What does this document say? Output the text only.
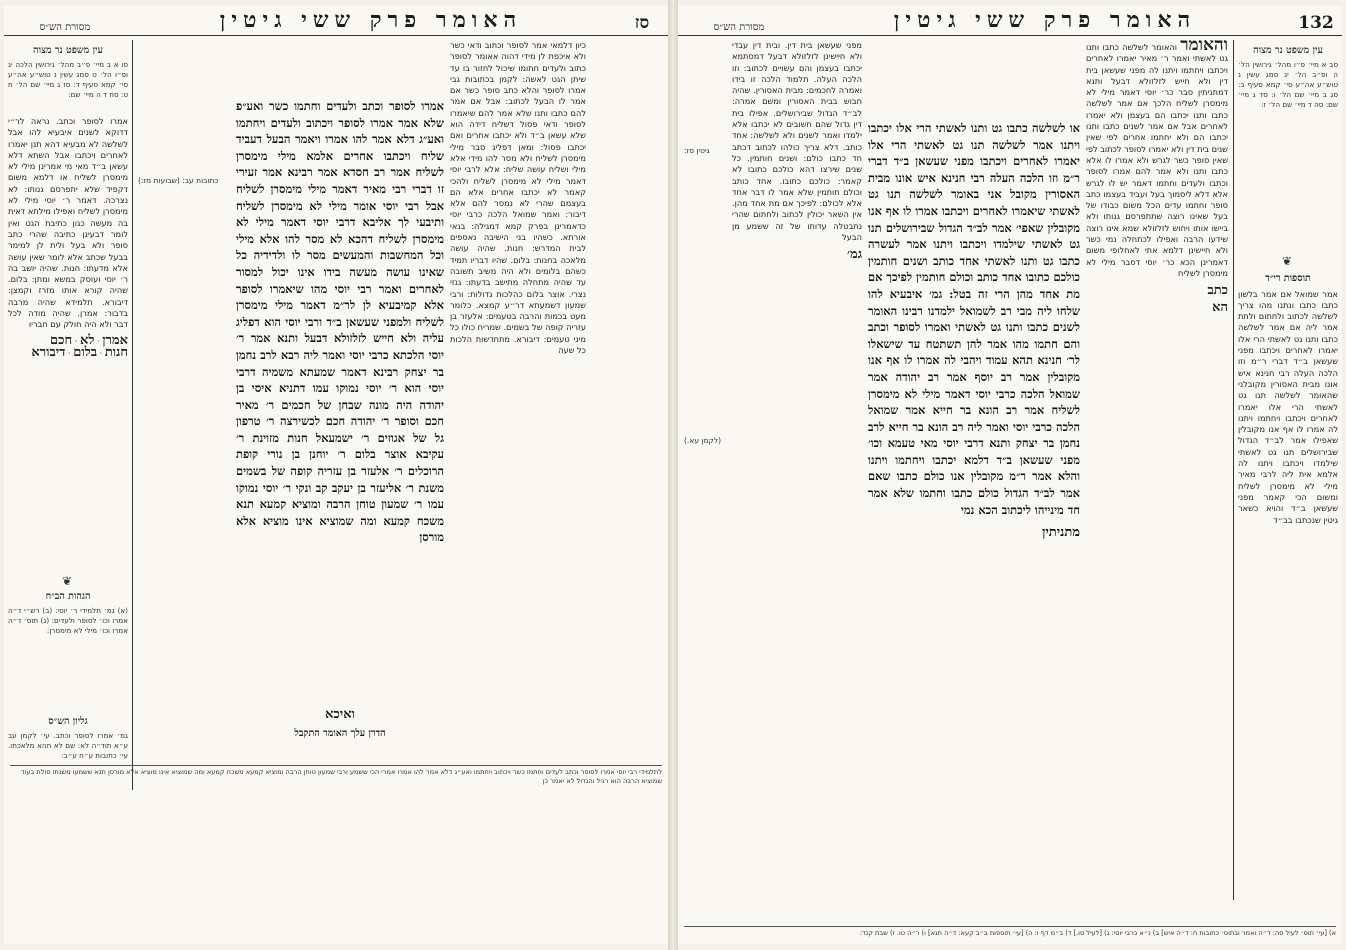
132
האומר פרק ששי גיטין
מסורת הש״ס
עין משפט נר מצוה

סב א מיי׳ פ״ו מהל׳ גירושין הל׳ ה ופ״ב הל׳ יג סמג עשין נ טוש״ע אה״ע סי׳ קמא סעיף ב: סג ב מיי׳ שם הל׳ ו: סד ג מיי׳ שם: סה ד מיי׳ שם הל׳ ז:

❦
תוספות רי״ד

אמר שמואל אם אמר בלשון כתבו כתבו ונתנו מהו צריך לשלשה לכתוב ולחתום ולתת אמר ליה אם אמר לשלשה כתבו ותנו גט לאשתי הרי אלו יאמרו לאחרים ויכתבו מפני שעשאן ב״ד דברי ר״מ וזו הלכה העלה רבי חנינא איש אונו מבית האסורין מקובלני שהאומר לשלשה תנו גט לאשתי הרי אלו יאמרו לאחרים ויכתבו ויחתמו ויתנו לה אמרו לו אף אנו מקובלין שאפילו אמר לב״ד הגדול שבירושלים תנו גט לאשתי שילמדו ויכתבו ויתנו לה אלמא אית ליה לרבי מאיר מילי לא מימסרן לשליח ומשום הכי קאמר מפני שעשאן ב״ד והויא כשאר גיטין שנכתבו בב״ד

והאומר והאומר לשלשה כתבו ותנו גט לאשתי ואמר ר׳ מאיר יאמרו לאחרים ויכתבו ויחתמו ויתנו לה מפני שעשאן בית דין ולא חייש לזלזולא דבעל ותנא דמתניתין סבר כר׳ יוסי דאמר מילי לא מימסרן לשליח הלכך אם אמר לשלשה כתבו ותנו יכתבו הם בעצמן ולא יאמרו לאחרים אבל אם אמר לשנים כתבו ותנו יכתבו הם ולא יחתמו אחרים לפי שאין שנים בית דין ולא יאמרו לסופר לכתוב לפי שאין סופר כשר לגרש ולא אמרו לו אלא כתבו ותנו ולא אמר להם אמרו לסופר וכתבו ולעדים וחתמו דאמר יש לו לגרש אלא דלא ליסמוך בעל ועביד בעצמו כתב סופר וחתמו עדים הכל משום כבודו של בעל שאינו רוצה שתתפרסם גנותו ולא ביישו אותו ויחוש לזלזולא שמא אינו רוצה שידעו הרבה ואפילו לכתחלה נמי כשר ולא חיישינן דלמא אתי לאחלופי משום דאמרינן הכא כר׳ יוסי דסבר מילי לא מימסרן לשליח

כתב

הא

או לשלשה כתבו גט ותנו לאשתי הרי אלו יכתבו ויתנו אמר לשלשה תנו גט לאשתי הרי אלו יאמרו לאחרים ויכתבו מפני שעשאן ב״ד דברי ר״מ וזו הלכה העלה רבי חנינא איש אונו מבית האסורין מקובל אני באומר לשלשה תנו גט לאשתי שיאמרו לאחרים ויכתבו אמרו לו אף אנו מקובלין שאפי׳ אמר לב״ד הגדול שבירושלים תנו גט לאשתי שילמדו ויכתבו ויתנו אמר לעשרה כתבו גט ותנו לאשתי אחד כותב ושנים חותמין כולכם כתובו אחד כותב וכולם חותמין לפיכך אם מת אחד מהן הרי זה בטל: גמ׳ איבעיא להו שלחו ליה מבי רב לשמואל ילמדנו רבינו האומר לשנים כתבו ותנו גט לאשתי ואמרו לסופר וכתב והם חתמו מהו אמר להן תשתטח עד שישאלו לר׳ חנינא תהא עמוד ויהבי לה אמרו לו אף אנו מקובלין אמר רב יוסף אמר רב יהודה אמר שמואל הלכה כרבי יוסי דאמר מילי לא מימסרן לשליח אמר רב הונא בר חייא אמר שמואל הלכה כרבי יוסי ואמר ליה רב הונא בר חייא לרב נחמן בר יצחק ותנא דרבי יוסי מאי טעמא וכו׳ מפני שעשאן ב״ד דלמא יכתבו ויחתמו ויתנו והלא אמר ר״מ מקובלין אנו כולם כתבו שאם אמר לב״ד הגדול כולם כתבו וחתמו שלא אמר חד מינייהו ליכתוב הכא נמי

מתניתין

מפני שעשאן בית דין. ובית דין עבדי ולא חיישינן לזלזולא דבעל דמסתמא יכתבו בעצמן והם עשויים לכתוב: וזו הלכה העלה. תלמוד הלכה זו בידו ואמרה לחכמים: מבית האסורין. שהיה חבוש בבית האסורין ומשם אמרה: לב״ד הגדול שבירושלים. אפילו בית דין גדול שהם חשובים לא יכתבו אלא ילמדו ואמר לשנים ולא לשלשה: אחד כותב. דלא צריך כולהו לכתוב דכתב חד כתבו כולם: ושנים חותמין. כל שנים שירצו דהא כולכם כתובו לא קאמר: כולכם כתובו. אחד כותב וכולם חותמין שלא אמר לו דבר אחד אלא לכולם: לפיכך אם מת אחד מהן. אין השאר יכולין לכתוב ולחתום שהרי נתבטלה עדותו של זה ששמע מן הבעל

גמ׳

גיטין סז:
(לקמן עא.)
א) [עי׳ תוס׳ לעיל סה: ד״ה ואמר ובתוס׳ כתובות ח: ד״ה איש] ב) נ״א כרבי יוסי: ג) [לעיל סו.] ד) ב״מ דף ו: ה) [עי׳ תוספות ב״ב קעא: ד״ה תנא] ו) ר״ה טו. ז) שבת קנד:
סז
האומר פרק ששי גיטין
מסורת הש״ס
עין משפט נר מצוה

סו א ב מיי׳ פ״ב מהל׳ גירושין הלכה יג ופ״ו הל׳ ט סמג עשין נ טוש״ע אה״ע סי׳ קמא סעיף ד: סז ג מיי׳ שם הל׳ ח ט: סח ד ה מיי׳ שם:

אמרו לסופר וכתב. נראה לר״י דדוקא לשנים איבעיא להו אבל לשלשה לא מבעיא דהא תנן יאמרו לאחרים ויכתבו אבל השתא דלא עשאן ב״ד מאי מי אמרינן מילי לא מימסרן לשליח או דלמא משום דקפיד שלא יתפרסם גנותו: לא נצרכה. דאמר ר׳ יוסי מילי לא מימסרן לשליח ואפילו מילתא דאית בה מעשה כגון כתיבת הגט ואין לומר דבעינן כתיבה שהרי כתב סופר ולא בעל ולית לן למימר בבעל שכתב אלא לומר שאין עושה אלא מדעתו: חנות. שהיה יושב בה ר׳ יוסי ועוסק במשא ומתן: בלום. שהיה קורא אותו מזרז וקמצן: דיבורא. תלמידא שהיה מרבה בדבור: אמרן. שהיה מודה לכל דבר ולא היה חולק עם חבריו

אמרן · לא · חכם

חנות · בלום · דיבורא

❦
הגהות הב״ח

(א) גמ׳ תלמידי ר׳ יוסי: (ב) רש״י ד״ה אמרו וכו׳ לסופר ולעדים: (ג) תוס׳ ד״ה אמרו וכו׳ מילי לא מימסרן:

גליון הש״ס

גמ׳ אמרו לסופר וכתב. עי׳ לקמן עב ע״א תוד״ה לא: שם לא תהא מלאכתו. עי׳ כתובות ע״ח ע״ב:

אמרו לסופר וכתב ולעדים וחתמו כשר ואע״פ שלא אמר אמרו לסופר ויכתוב ולעדים ויחתמו ואע״ג דלא אמר להו אמרו ויאמר הבעל דעביד שליח ויכתבו אחרים אלמא מילי מימסרן לשליח אמר רב חסדא אמר רבינא אמר זעירי זו דברי רבי מאיר דאמר מילי מימסרן לשליח אבל רבי יוסי אומר מילי לא מימסרן לשליח ותיבעי לך אליבא דרבי יוסי דאמר מילי לא מימסרן לשליח דהכא לא מסר להו אלא מילי וכל המחשבות והמעשים מסר לו ולדידיה כל שאינו עושה מעשה בידו אינו יכול למסור לאחרים ואמר רבי יוסי מהו שיאמרו לסופר אלא קמיבעיא לן לר״מ דאמר מילי מימסרן לשליח ולמפני שעשאן ב״ד ורבי יוסי הוא דפליג עליה ולא חייש לזלזולא דבעל ותנא אמר ר׳ יוסי הלכתא כרבי יוסי ואמר ליה רבא לרב נחמן בר יצחק רבינא דאמר שמעתא משמיה דרבי יוסי הוא ר׳ יוסי נמוקו עמו דתניא איסי בן יהודה היה מונה שבחן של חכמים ר׳ מאיר חכם וסופר ר׳ יהודה חכם לכשירצה ר׳ טרפון גל של אגוזים ר׳ ישמעאל חנות מזוינת ר׳ עקיבא אוצר בלום ר׳ יוחנן בן נורי קופת הרוכלים ר׳ אלעזר בן עזריה קופה של בשמים משנת ר׳ אליעזר בן יעקב קב ונקי ר׳ יוסי נמוקו עמו ר׳ שמעון טוחן הרבה ומוציא קמעא תנא משכח קמעא ומה שמוציא אינו מוציא אלא מורסן

ואיכא
הדרן עלך האומר התקבל

כיון דלמאי אמר לסופר וכתוב ודאי כשר ולא איכפת לן מידי דהוה אאומר לסופר כתוב ולעדים חתומו שיכול לחזור בו עד שיתן הגט לאשה: לקמן בכתובות גבי אמרו לסופר והלא כתב סופר כשר אם אמר לו הבעל לכתוב: אבל אם אמר להם כתבו ותנו שלא אמר להם שיאמרו לסופר ודאי פסול דשליח דידה הוא שלא עשאן ב״ד ולא יכתבו אחרים ואם יכתבו פסול: ומאן דפליג סבר מילי מימסרן לשליח ולא מסר להו מידי אלא מילי ושליח עושה שליח: אלא לרבי יוסי דאמר מילי לא מימסרן לשליח ולהכי קאמר לא יכתבו אחרים אלא הם בעצמם שהרי לא נמסר להם אלא דיבור: ואמר שמואל הלכה כרבי יוסי כדאמרינן בפרק קמא דמגילה: בנאי אורתא. כשהיו בני הישיבה נאספים לבית המדרש: חנות. שהיה עושה מלאכה בחנות: בלום. שהיו דבריו תמיד כשהם בלומים ולא היה משיב תשובה עד שהיה מתחלה מתישב בדעתו: גנזי נצרי. אוצר בלום כהלכות גדולות: ורבי שמעון דשמעתא דר״ע קמצא. כלומר מעט בכמות והרבה בטעמים: אלעזר בן עזריה קופה של בשמים. שמריח כולו כל מיני טעמים: דיבורא. מתחדשות הלכות כל שעה

כתובות עב: (שבועות מז:)
לתלמידי רבי יוסי אמרו לסופר וכתב לעדים וחתמו כשר ויכתוב ויחתמו ואע״ג דלא אמר להו אמרו אמרי הכי ששמע ורבי שמעון טוחן הרבה ומוציא קמעא משכח קמעא ומה שמוציא אינו מוציא אלא מורסן תנא ששמעו משנתו סולת בעוד שמוציא הרבה הוא רגיל והגדול לא יאמר כן
